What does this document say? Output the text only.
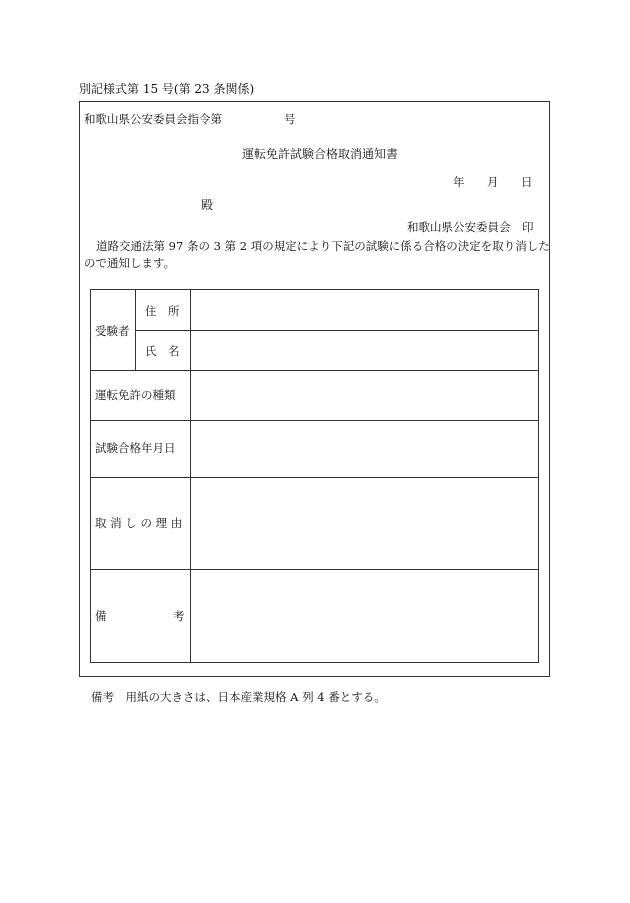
別記様式第 15 号(第 23 条関係)
和歌山県公安委員会指令第	号
運転免許試験合格取消通知書
年 月 日
殿
和歌山県公安委員会　印

道路交通法第 97 条の 3 第 2 項の規定により下記の試験に係る合格の決定を取り消した

ので通知します。

受験者
住　所
氏　名
運転免許の種類
試験合格年月日
取 消 し の 理 由
備	考
備考　用紙の大きさは、日本産業規格 A 列 4 番とする。
